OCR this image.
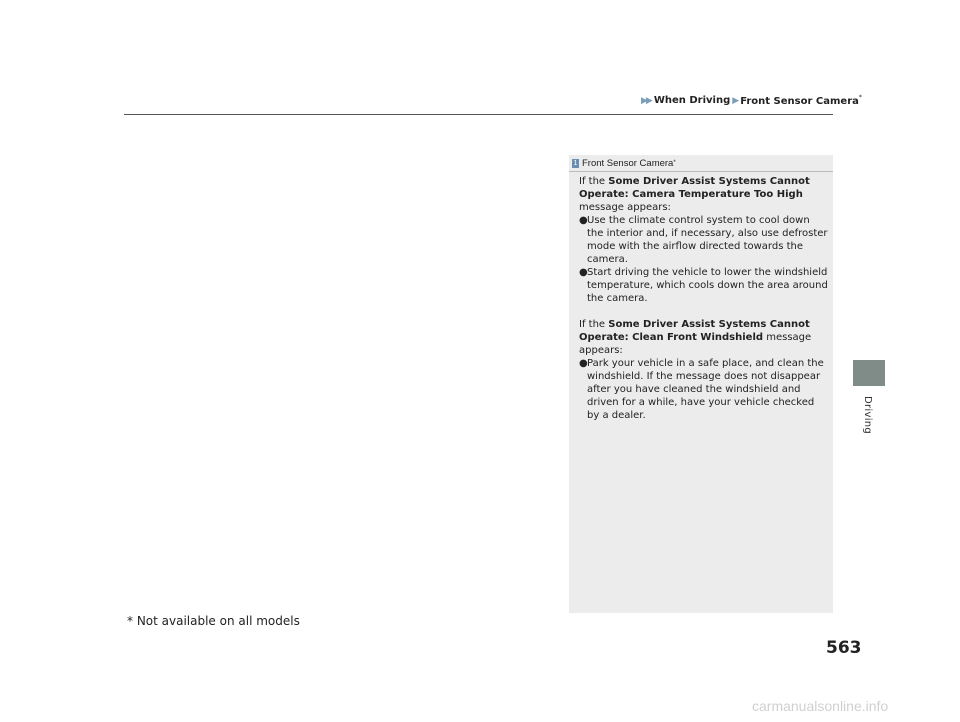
▶
▶ When Driving ▶ Front Sensor Camera*
Driving
1 Front Sensor Camera *

If the Some Driver Assist Systems Cannot Operate: Camera Temperature Too High message appears:

● Use the climate control system to cool down the interior and, if necessary, also use defroster mode with the airflow directed towards the camera.

● Start driving the vehicle to lower the windshield temperature, which cools down the area around the camera.

If the Some Driver Assist Systems Cannot Operate: Clean Front Windshield message appears:

● Park your vehicle in a safe place, and clean the windshield. If the message does not disappear after you have cleaned the windshield and driven for a while, have your vehicle checked by a dealer.

* Not available on all models
563
carmanualsonline.info
